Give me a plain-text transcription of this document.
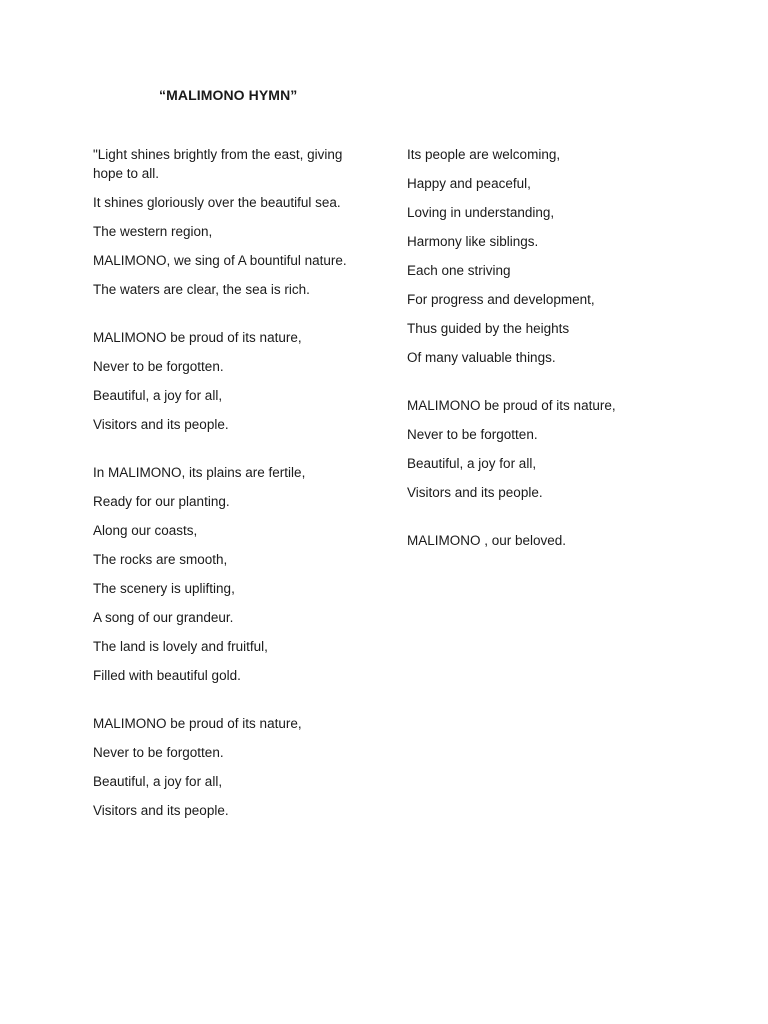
“MALIMONO HYMN”

"Light shines brightly from the east, giving hope to all.

It shines gloriously over the beautiful sea.

The western region,

MALIMONO, we sing of A bountiful nature.

The waters are clear, the sea is rich.

MALIMONO be proud of its nature,

Never to be forgotten.

Beautiful, a joy for all,

Visitors and its people.

In MALIMONO, its plains are fertile,

Ready for our planting.

Along our coasts,

The rocks are smooth,

The scenery is uplifting,

A song of our grandeur.

The land is lovely and fruitful,

Filled with beautiful gold.

MALIMONO be proud of its nature,

Never to be forgotten.

Beautiful, a joy for all,

Visitors and its people.

Its people are welcoming,

Happy and peaceful,

Loving in understanding,

Harmony like siblings.

Each one striving

For progress and development,

Thus guided by the heights

Of many valuable things.

MALIMONO be proud of its nature,

Never to be forgotten.

Beautiful, a joy for all,

Visitors and its people.

MALIMONO , our beloved.
